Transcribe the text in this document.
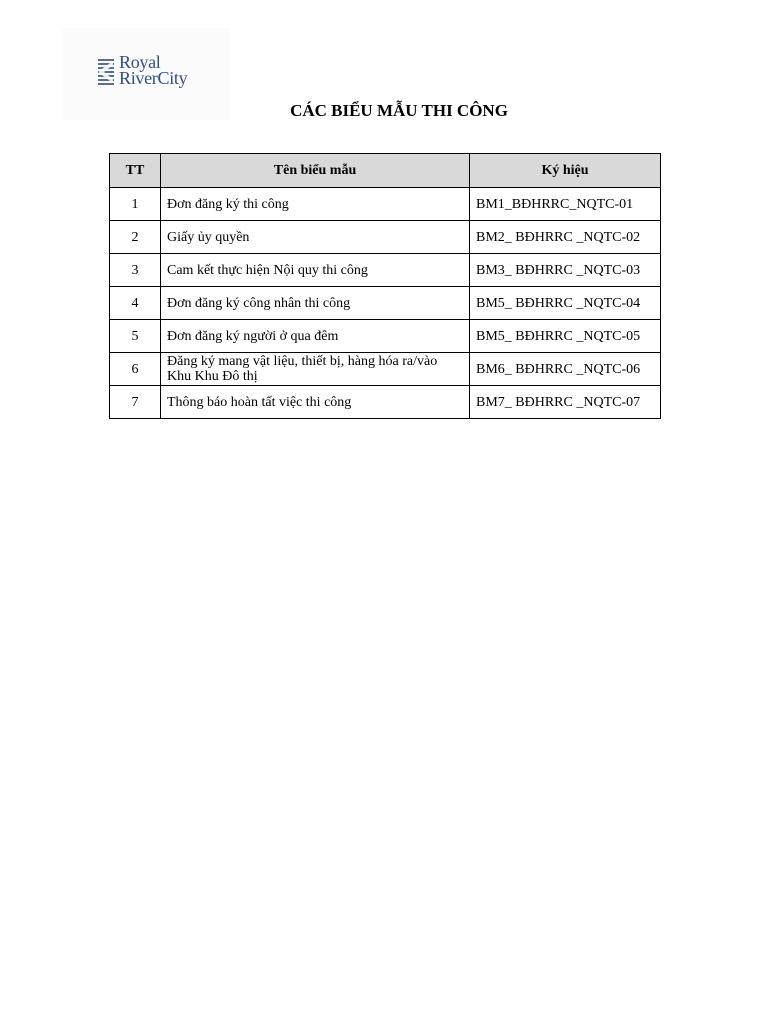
Royal
RiverCity
CÁC BIỂU MẪU THI CÔNG
TT	Tên biểu mẫu	Ký hiệu
1	Đơn đăng ký thi công	BM1_BĐHRRC_NQTC-01
2	Giấy ủy quyền	BM2_ BĐHRRC _NQTC-02
3	Cam kết thực hiện Nội quy thi công	BM3_ BĐHRRC _NQTC-03
4	Đơn đăng ký công nhân thi công	BM5_ BĐHRRC _NQTC-04
5	Đơn đăng ký người ở qua đêm	BM5_ BĐHRRC _NQTC-05
6	Đăng ký mang vật liệu, thiết bị, hàng hóa ra/vào Khu Khu Đô thị	BM6_ BĐHRRC _NQTC-06
7	Thông báo hoàn tất việc thi công	BM7_ BĐHRRC _NQTC-07
